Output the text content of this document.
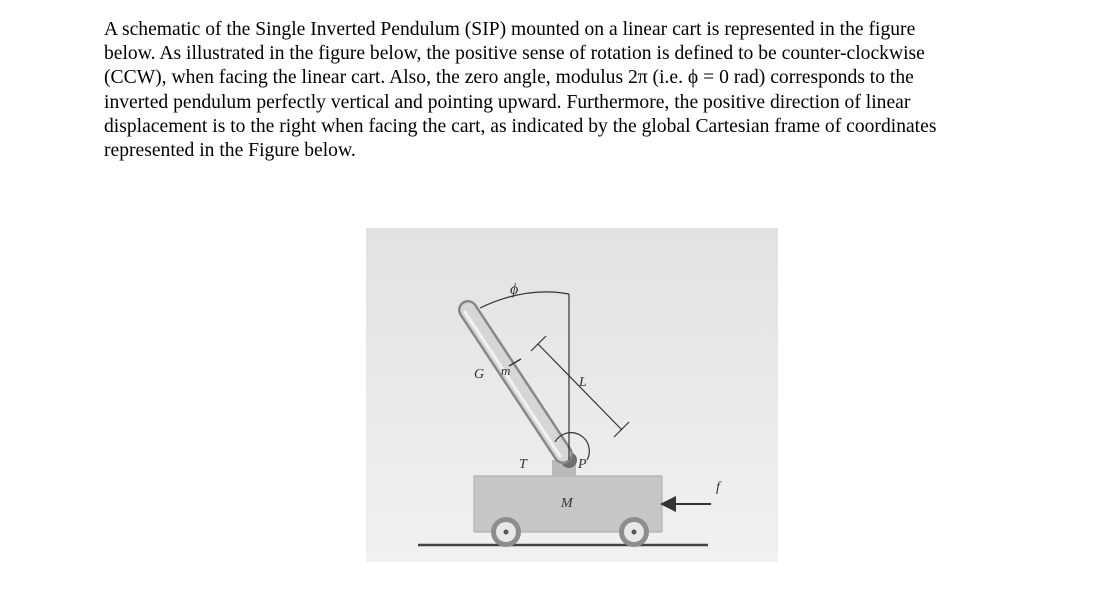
A schematic of the Single Inverted Pendulum (SIP) mounted on a linear cart is represented in the figure
below. As illustrated in the figure below, the positive sense of rotation is defined to be counter-clockwise
(CCW), when facing the linear cart. Also, the zero angle, modulus 2π (i.e. ϕ = 0 rad) corresponds to the
inverted pendulum perfectly vertical and pointing upward. Furthermore, the positive direction of linear
displacement is to the right when facing the cart, as indicated by the global Cartesian frame of coordinates
represented in the Figure below.
ϕ
G m
L
T	P
M
f
